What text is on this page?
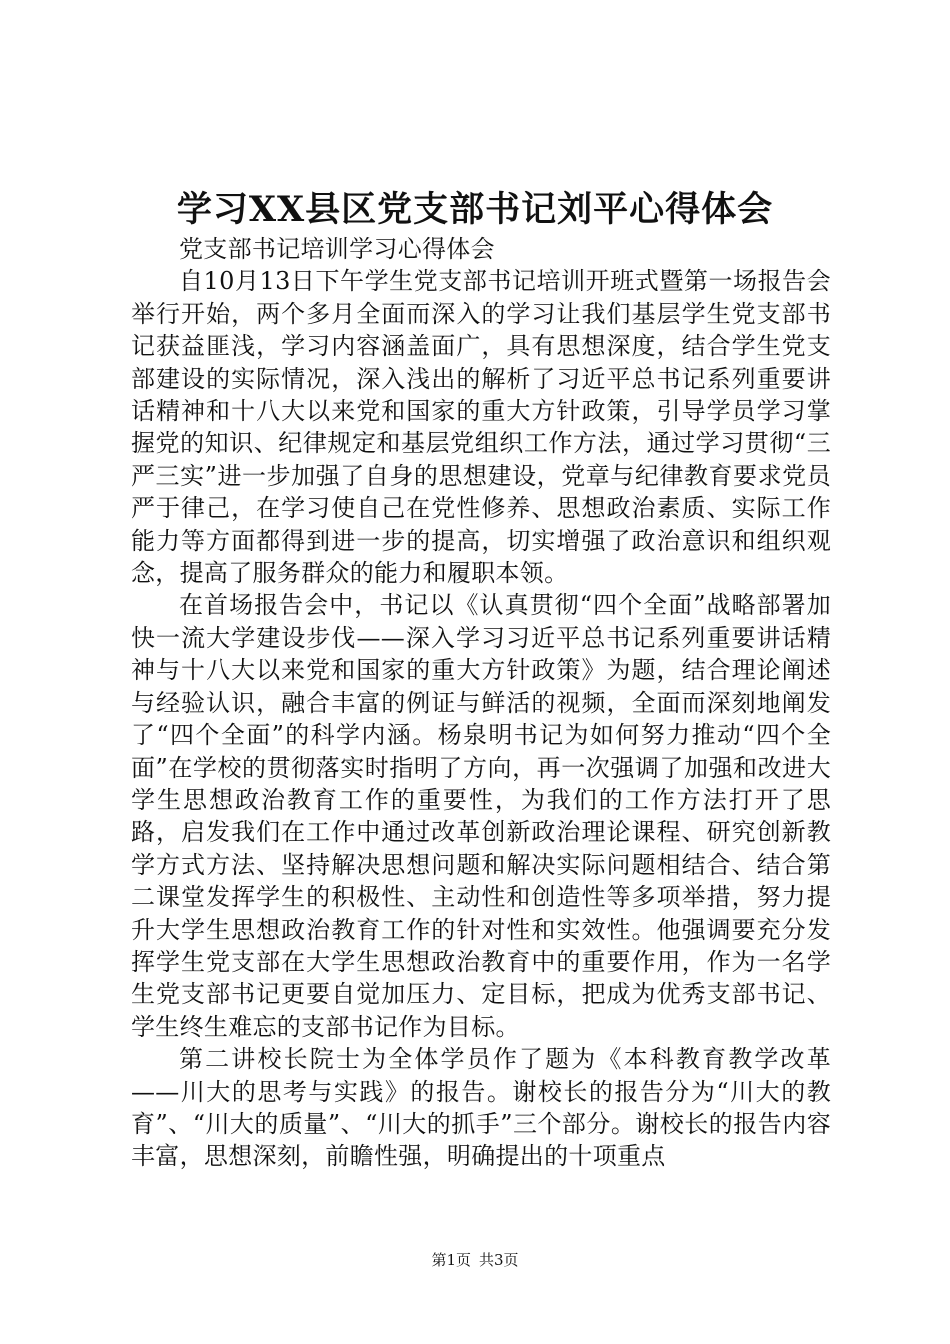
学习XX县区党支部书记刘平心得体会

党支部书记培训学习心得体会

自10月13日下午学生党支部书记培训开班式暨第一场报告会举行开始，两个多月全面而深入的学习让我们基层学生党支部书记获益匪浅，学习内容涵盖面广，具有思想深度，结合学生党支部建设的实际情况，深入浅出的解析了习近平总书记系列重要讲话精神和十八大以来党和国家的重大方针政策，引导学员学习掌握党的知识、纪律规定和基层党组织工作方法，通过学习贯彻“三严三实”进一步加强了自身的思想建设，党章与纪律教育要求党员严于律己，在学习使自己在党性修养、思想政治素质、实际工作能力等方面都得到进一步的提高，切实增强了政治意识和组织观念，提高了服务群众的能力和履职本领。

在首场报告会中，书记以《认真贯彻“四个全面”战略部署加快一流大学建设步伐——深入学习习近平总书记系列重要讲话精神与十八大以来党和国家的重大方针政策》为题，结合理论阐述与经验认识，融合丰富的例证与鲜活的视频，全面而深刻地阐发了“四个全面”的科学内涵。杨泉明书记为如何努力推动“四个全面”在学校的贯彻落实时指明了方向，再一次强调了加强和改进大学生思想政治教育工作的重要性，为我们的工作方法打开了思路，启发我们在工作中通过改革创新政治理论课程、研究创新教学方式方法、坚持解决思想问题和解决实际问题相结合、结合第二课堂发挥学生的积极性、主动性和创造性等多项举措，努力提升大学生思想政治教育工作的针对性和实效性。他强调要充分发挥学生党支部在大学生思想政治教育中的重要作用，作为一名学生党支部书记更要自觉加压力、定目标，把成为优秀支部书记、学生终生难忘的支部书记作为目标。

第二讲校长院士为全体学员作了题为《本科教育教学改革——川大的思考与实践》的报告。谢校长的报告分为“川大的教育”、“川大的质量”、“川大的抓手”三个部分。谢校长的报告内容丰富，思想深刻，前瞻性强，明确提出的十项重点

第1页 共3页
